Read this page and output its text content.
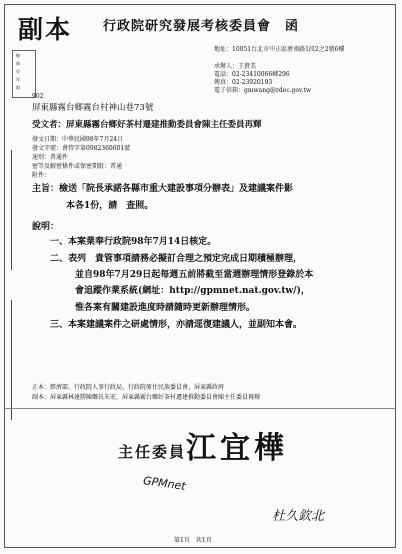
副本
線
保
存
年
限
行政院研究發展考核委員會　函
地址：10051台北市中正區濟南路1段2之2號6樓
承辦人：王貴美
電話：02-23410066轉296
傳真：02-23920193
電子信箱：gmwang@rdec.gov.tw
902
屏東縣霧台鄉霧台村神山巷73號
受文者：屏東縣霧台鄉好茶村遷建推動委員會陳主任委員再輝
發文日期：中華民國98年7月24日
發文字號：會管字第0982360601號
速別：普通件
密等及解密條件或保密期限：普通
附件：
主旨：檢送「院長承諾各縣市重大建設事項分辦表」及建議案件影
本各1份，請　查照。
說明：
一、本案業奉行政院98年7月14日核定。
二、表列　貴管事項請務必擬訂合理之預定完成日期積極辦理，
並自98年7月29日起每週五前將截至當週辦理情形登錄於本
會追蹤作業系統(網址：http://gpmnet.nat.gov.tw/)，
惟各案有關建設進度時請隨時更新辦理情形。
三、本案建議案件之研處情形，亦請逕復建議人，並副知本會。
正本：經濟部、行政院人事行政局、行政院原住民族委員會、屏東縣政府
副本：屏東縣林達勝陳鄉長朱宏、屏東縣霧台鄉好茶村遷建推動委員會陳主任委員再輝
主任委員 江宜樺
GPMnet
杜久欽北
第1頁　共1頁
